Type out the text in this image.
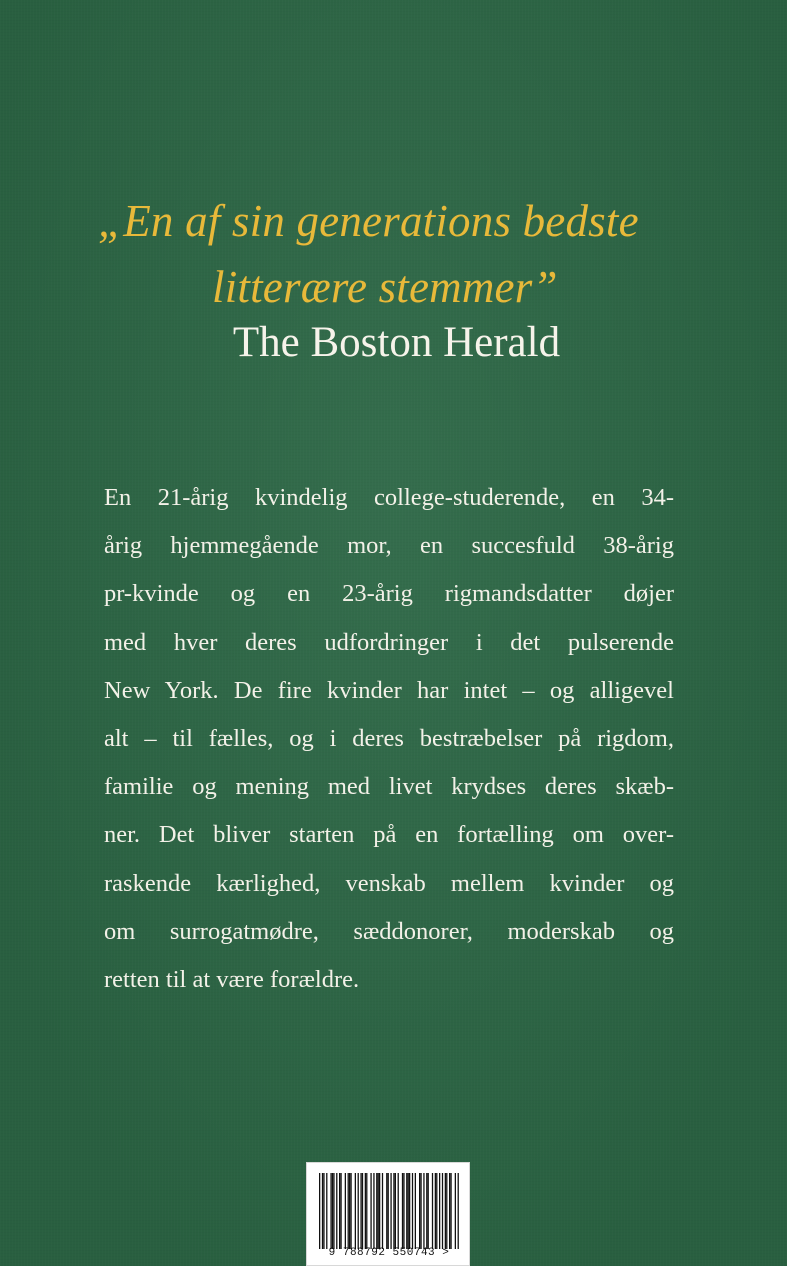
„En af sin generations bedste
litterære stemmer”
The Boston Herald
En 21-årig kvindelig college-studerende, en 34-
årig hjemmegående mor, en succesfuld 38-årig
pr-kvinde og en 23-årig rigmandsdatter døjer
med hver deres udfordringer i det pulserende
New York. De fire kvinder har intet – og alligevel
alt – til fælles, og i deres bestræbelser på rigdom,
familie og mening med livet krydses deres skæb-
ner. Det bliver starten på en fortælling om over-
raskende kærlighed, venskab mellem kvinder og
om surrogatmødre, sæddonorer, moderskab og
retten til at være forældre.
9 788792 550743 >
